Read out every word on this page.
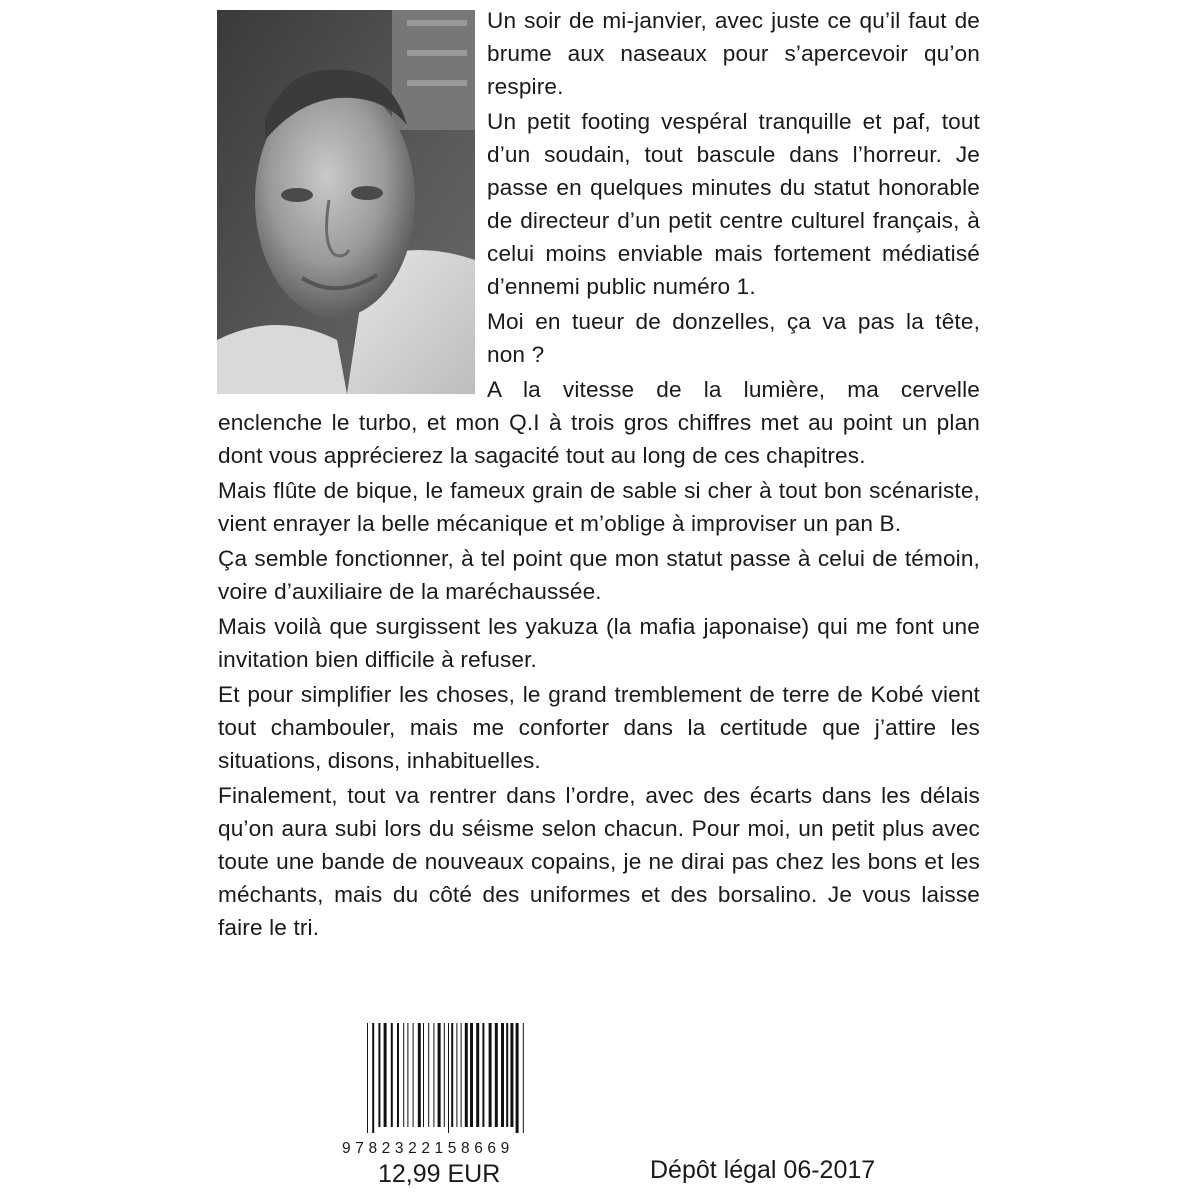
Un soir de mi-janvier, avec juste ce qu’il faut de brume aux naseaux pour s’apercevoir qu’on respire.

Un petit footing vespéral tranquille et paf, tout d’un soudain, tout bascule dans l’horreur. Je passe en quelques minutes du statut honorable de directeur d’un petit centre culturel français, à celui moins enviable mais fortement médiatisé d’ennemi public numéro 1.

Moi en tueur de donzelles, ça va pas la tête, non ?

A la vitesse de la lumière, ma cervelle enclenche le turbo, et mon Q.I à trois gros chiffres met au point un plan dont vous apprécierez la sagacité tout au long de ces chapitres.

Mais flûte de bique, le fameux grain de sable si cher à tout bon scénariste, vient enrayer la belle mécanique et m’oblige à improviser un pan B.

Ça semble fonctionner, à tel point que mon statut passe à celui de témoin, voire d’auxiliaire de la maréchaussée.

Mais voilà que surgissent les yakuza (la mafia japonaise) qui me font une invitation bien difficile à refuser.

Et pour simplifier les choses, le grand tremblement de terre de Kobé vient tout chambouler, mais me conforter dans la certitude que j’attire les situations, disons, inhabituelles.

Finalement, tout va rentrer dans l’ordre, avec des écarts dans les délais qu’on aura subi lors du séisme selon chacun. Pour moi, un petit plus avec toute une bande de nouveaux copains, je ne dirai pas chez les bons et les méchants, mais du côté des uniformes et des borsalino. Je vous laisse faire le tri.

9782322158669
12,99 EUR	Dépôt légal 06-2017
